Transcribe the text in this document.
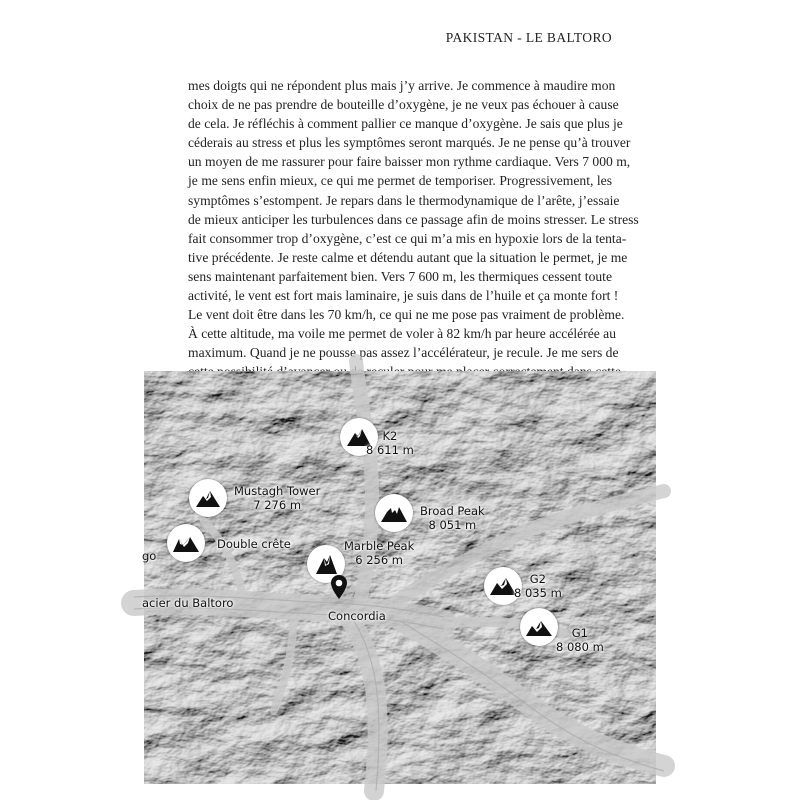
PAKISTAN - LE BALTORO
mes doigts qui ne répondent plus mais j’y arrive. Je commence à maudire mon
choix de ne pas prendre de bouteille d’oxygène, je ne veux pas échouer à cause
de cela. Je réfléchis à comment pallier ce manque d’oxygène. Je sais que plus je
céderais au stress et plus les symptômes seront marqués. Je ne pense qu’à trouver
un moyen de me rassurer pour faire baisser mon rythme cardiaque. Vers 7 000 m,
je me sens enfin mieux, ce qui me permet de temporiser. Progressivement, les
symptômes s’estompent. Je repars dans le thermodynamique de l’arête, j’essaie
de mieux anticiper les turbulences dans ce passage afin de moins stresser. Le stress
fait consommer trop d’oxygène, c’est ce qui m’a mis en hypoxie lors de la tenta-
tive précédente. Je reste calme et détendu autant que la situation le permet, je me
sens maintenant parfaitement bien. Vers 7 600 m, les thermiques cessent toute
activité, le vent est fort mais laminaire, je suis dans de l’huile et ça monte fort !
Le vent doit être dans les 70 km/h, ce qui ne me pose pas vraiment de problème.
À cette altitude, ma voile me permet de voler à 82 km/h par heure accélérée au
maximum. Quand je ne pousse pas assez l’accélérateur, je recule. Je me sers de
K2
8 611 m
Mustagh Tower
7 276 m	Broad Peak
8 051 m
Double crête	Marble Peak
6 256 m
G2
8 035 m
G1
8 080 m
Concordia
acier du Baltoro
go
